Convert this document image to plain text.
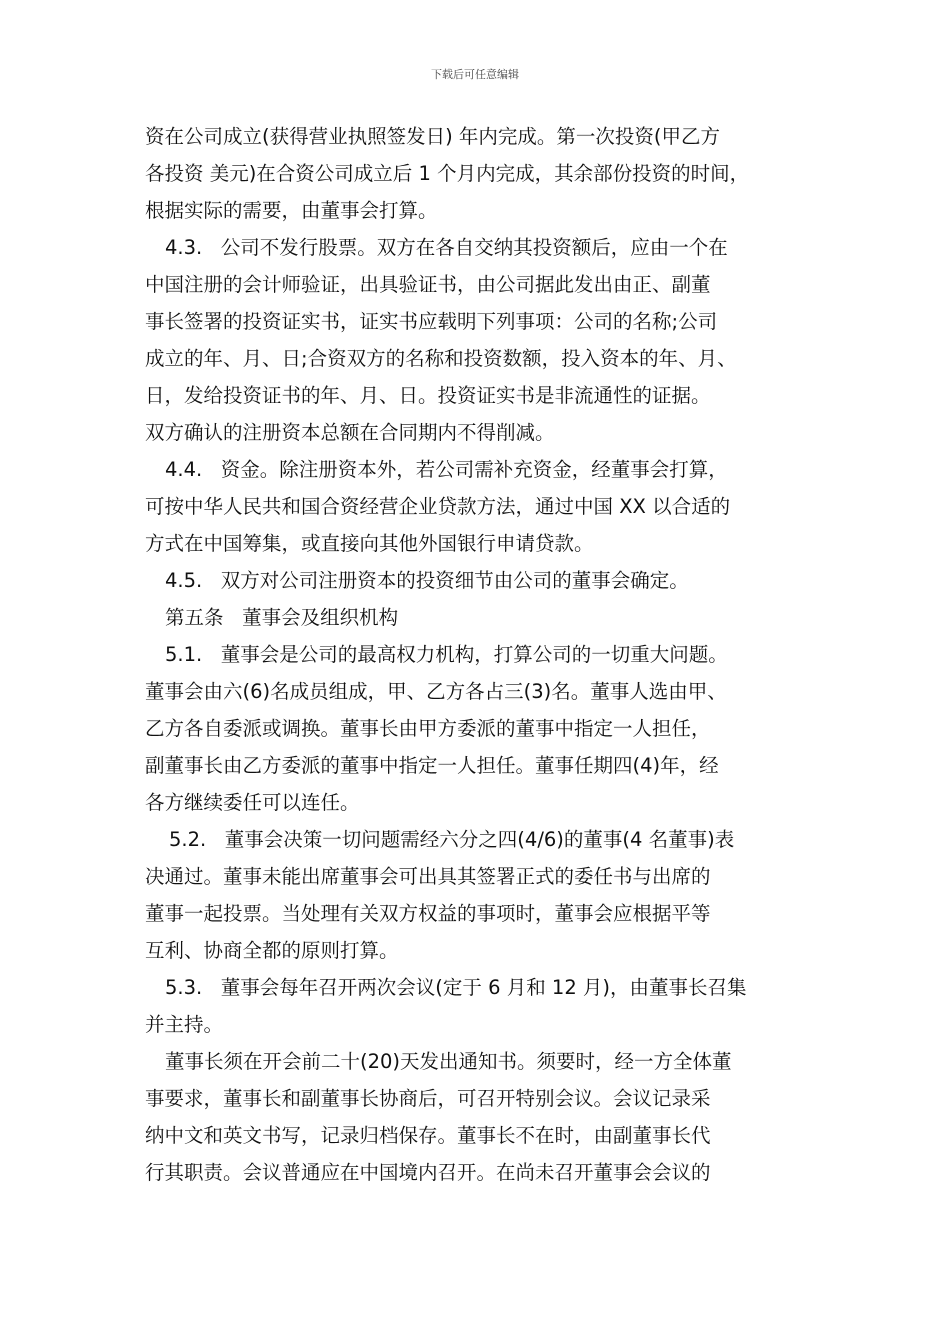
下载后可任意编辑
资在公司成立(获得营业执照签发日) 年内完成。第一次投资(甲乙方
各投资 美元)在合资公司成立后 1 个月内完成，其余部份投资的时间，
根据实际的需要，由董事会打算。
4.3.   公司不发行股票。双方在各自交纳其投资额后，应由一个在
中国注册的会计师验证，出具验证书，由公司据此发出由正、副董
事长签署的投资证实书，证实书应载明下列事项：公司的名称;公司
成立的年、月、日;合资双方的名称和投资数额，投入资本的年、月、
日，发给投资证书的年、月、日。投资证实书是非流通性的证据。
双方确认的注册资本总额在合同期内不得削减。
4.4.   资金。除注册资本外，若公司需补充资金，经董事会打算，
可按中华人民共和国合资经营企业贷款方法，通过中国 XX 以合适的
方式在中国筹集，或直接向其他外国银行申请贷款。
4.5.   双方对公司注册资本的投资细节由公司的董事会确定。
第五条   董事会及组织机构
5.1.   董事会是公司的最高权力机构，打算公司的一切重大问题。
董事会由六(6)名成员组成，甲、乙方各占三(3)名。董事人选由甲、
乙方各自委派或调换。董事长由甲方委派的董事中指定一人担任，
副董事长由乙方委派的董事中指定一人担任。董事任期四(4)年，经
各方继续委任可以连任。
5.2.   董事会决策一切问题需经六分之四(4/6)的董事(4 名董事)表
决通过。董事未能出席董事会可出具其签署正式的委任书与出席的
董事一起投票。当处理有关双方权益的事项时，董事会应根据平等
互利、协商全都的原则打算。
5.3.   董事会每年召开两次会议(定于 6 月和 12 月)，由董事长召集
并主持。
董事长须在开会前二十(20)天发出通知书。须要时，经一方全体董
事要求，董事长和副董事长协商后，可召开特别会议。会议记录采
纳中文和英文书写，记录归档保存。董事长不在时，由副董事长代
行其职责。会议普通应在中国境内召开。在尚未召开董事会会议的
